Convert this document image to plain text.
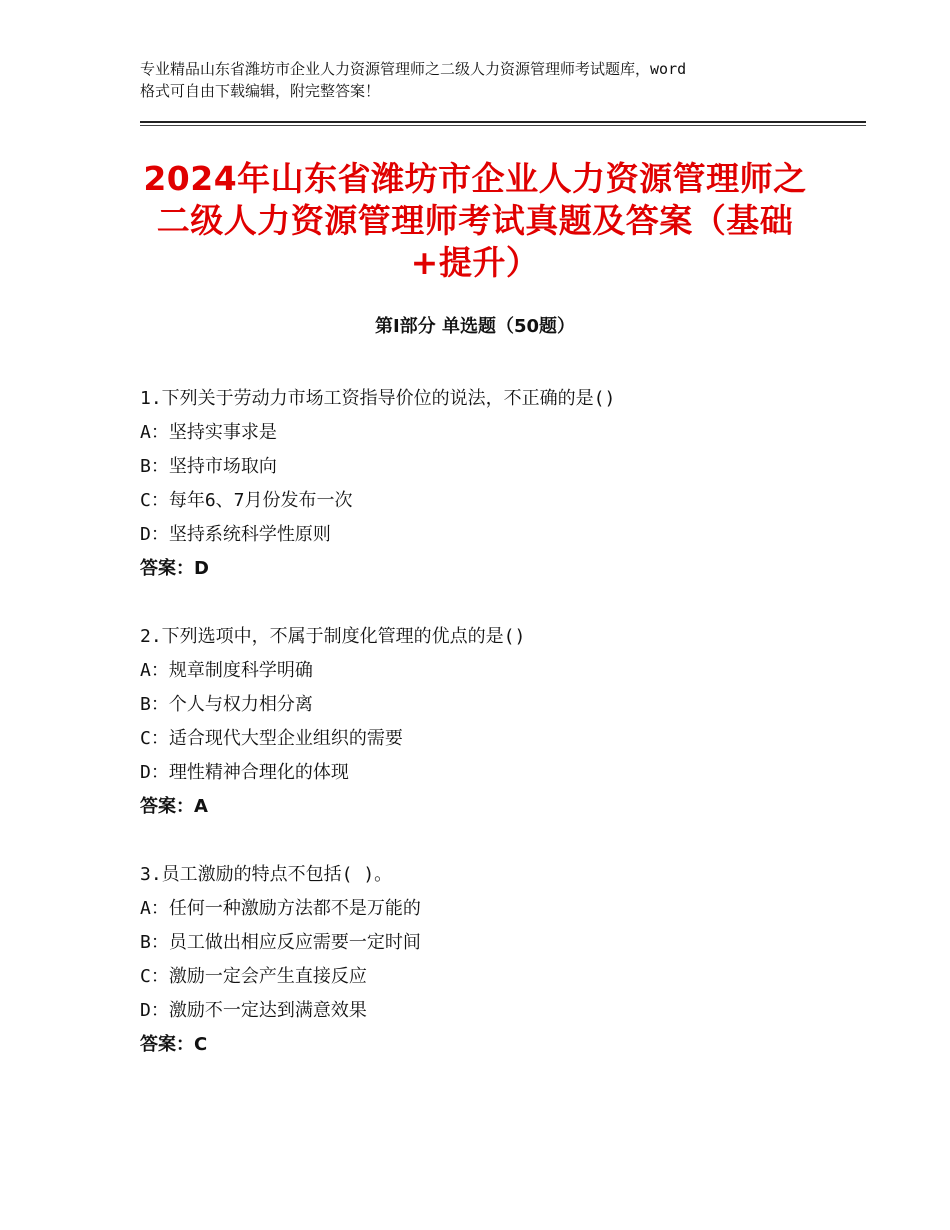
专业精品山东省潍坊市企业人力资源管理师之二级人力资源管理师考试题库，word
格式可自由下载编辑，附完整答案！
2024年山东省潍坊市企业人力资源管理师之
二级人力资源管理师考试真题及答案（基础
+提升）
第Ⅰ部分 单选题（50题）
1.下列关于劳动力市场工资指导价位的说法，不正确的是()
A：坚持实事求是
B：坚持市场取向
C：每年6、7月份发布一次
D：坚持系统科学性原则
答案：D
2.下列选项中，不属于制度化管理的优点的是()
A：规章制度科学明确
B：个人与权力相分离
C：适合现代大型企业组织的需要
D：理性精神合理化的体现
答案：A
3.员工激励的特点不包括( )。
A：任何一种激励方法都不是万能的
B：员工做出相应反应需要一定时间
C：激励一定会产生直接反应
D：激励不一定达到满意效果
答案：C
